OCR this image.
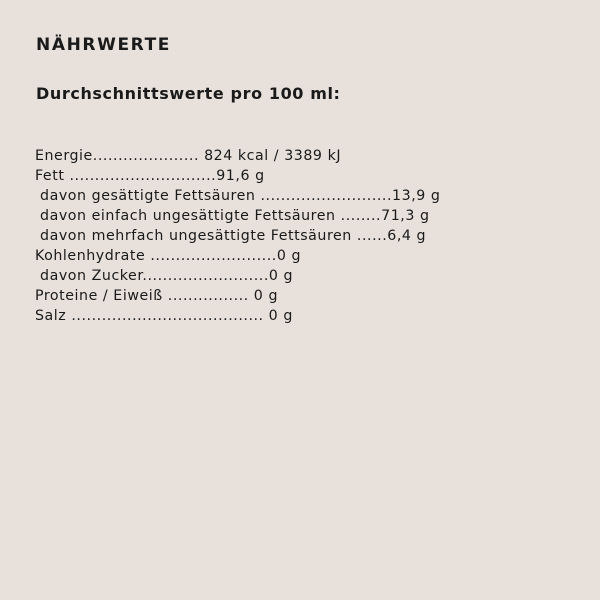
NÄHRWERTE
Durchschnittswerte pro 100 ml:
Energie..................... 824 kcal / 3389 kJ
Fett .............................91,6 g
davon gesättigte Fettsäuren ..........................13,9 g
davon einfach ungesättigte Fettsäuren ........71,3 g
davon mehrfach ungesättigte Fettsäuren ......6,4 g
Kohlenhydrate .........................0 g
davon Zucker.........................0 g
Proteine / Eiweiß ................ 0 g
Salz ...................................... 0 g
